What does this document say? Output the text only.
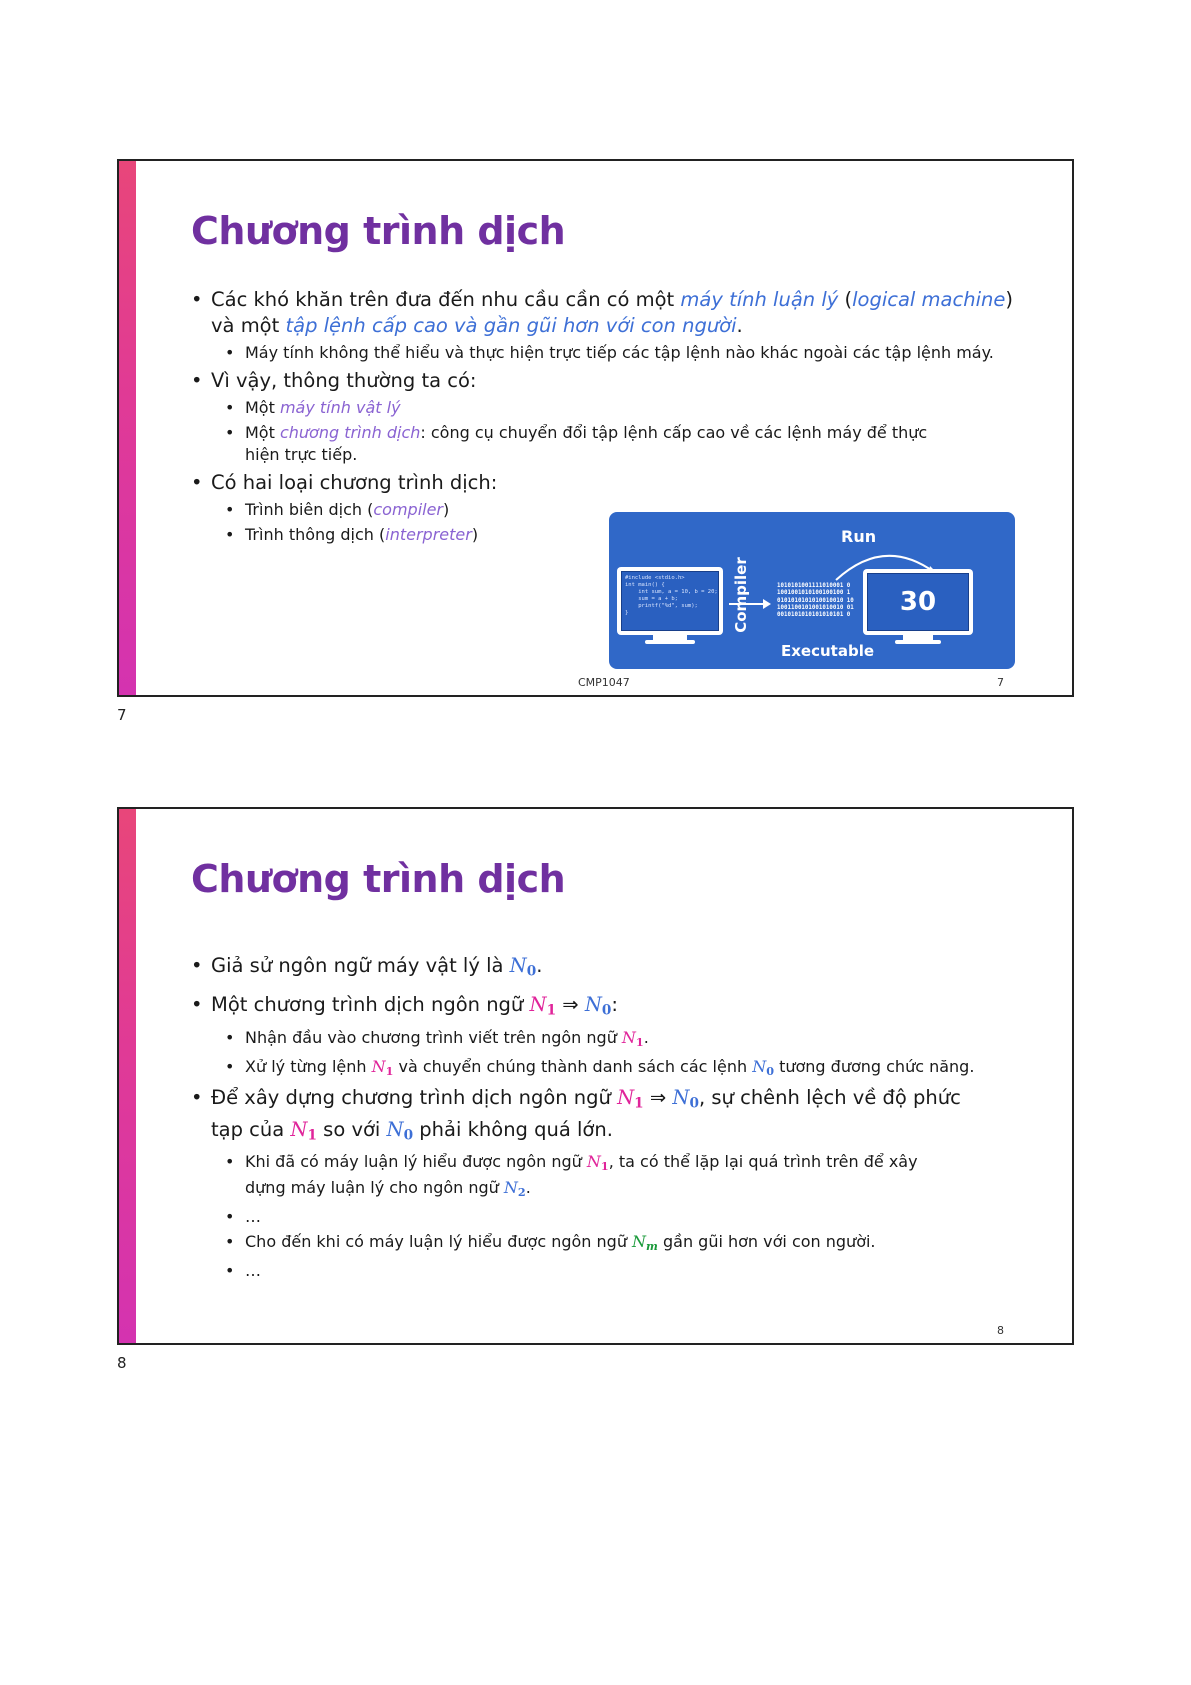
Chương trình dịch
• Các khó khăn trên đưa đến nhu cầu cần có một máy tính luận lý (logical machine)
và một tập lệnh cấp cao và gần gũi hơn với con người.
• Máy tính không thể hiểu và thực hiện trực tiếp các tập lệnh nào khác ngoài các tập lệnh máy.
• Vì vậy, thông thường ta có:
• Một máy tính vật lý
• Một chương trình dịch: công cụ chuyển đổi tập lệnh cấp cao về các lệnh máy để thực hiện trực tiếp.
• Có hai loại chương trình dịch:
• Trình biên dịch (compiler)
• Trình thông dịch (interpreter)
#include <stdio.h>
int main() {
int sum, a = 10, b = 20;
sum = a + b;
printf("%d", sum);
}	Compiler	1010101001111010001 0
1001001010100100100 1
0101010101010010010 10
1001100101001010010 01
0010101010101010101 0
Run
30
Executable
CMP1047	7
7
Chương trình dịch
• Giả sử ngôn ngữ máy vật lý là $N_0$.
• Một chương trình dịch ngôn ngữ $N_1$ ⇒ $N_0$:
• Nhận đầu vào chương trình viết trên ngôn ngữ $N_1$.
• Xử lý từng lệnh $N_1$ và chuyển chúng thành danh sách các lệnh $N_0$ tương đương chức năng.
• Để xây dựng chương trình dịch ngôn ngữ $N_1$ ⇒ $N_0$, sự chênh lệch về độ phức tạp của $N_1$ so với $N_0$ phải không quá lớn.
• Khi đã có máy luận lý hiểu được ngôn ngữ $N_1$, ta có thể lặp lại quá trình trên để xây dựng máy luận lý cho ngôn ngữ $N_2$.
• …
• Cho đến khi có máy luận lý hiểu được ngôn ngữ $N_m$ gần gũi hơn với con người.
• …
8
8
